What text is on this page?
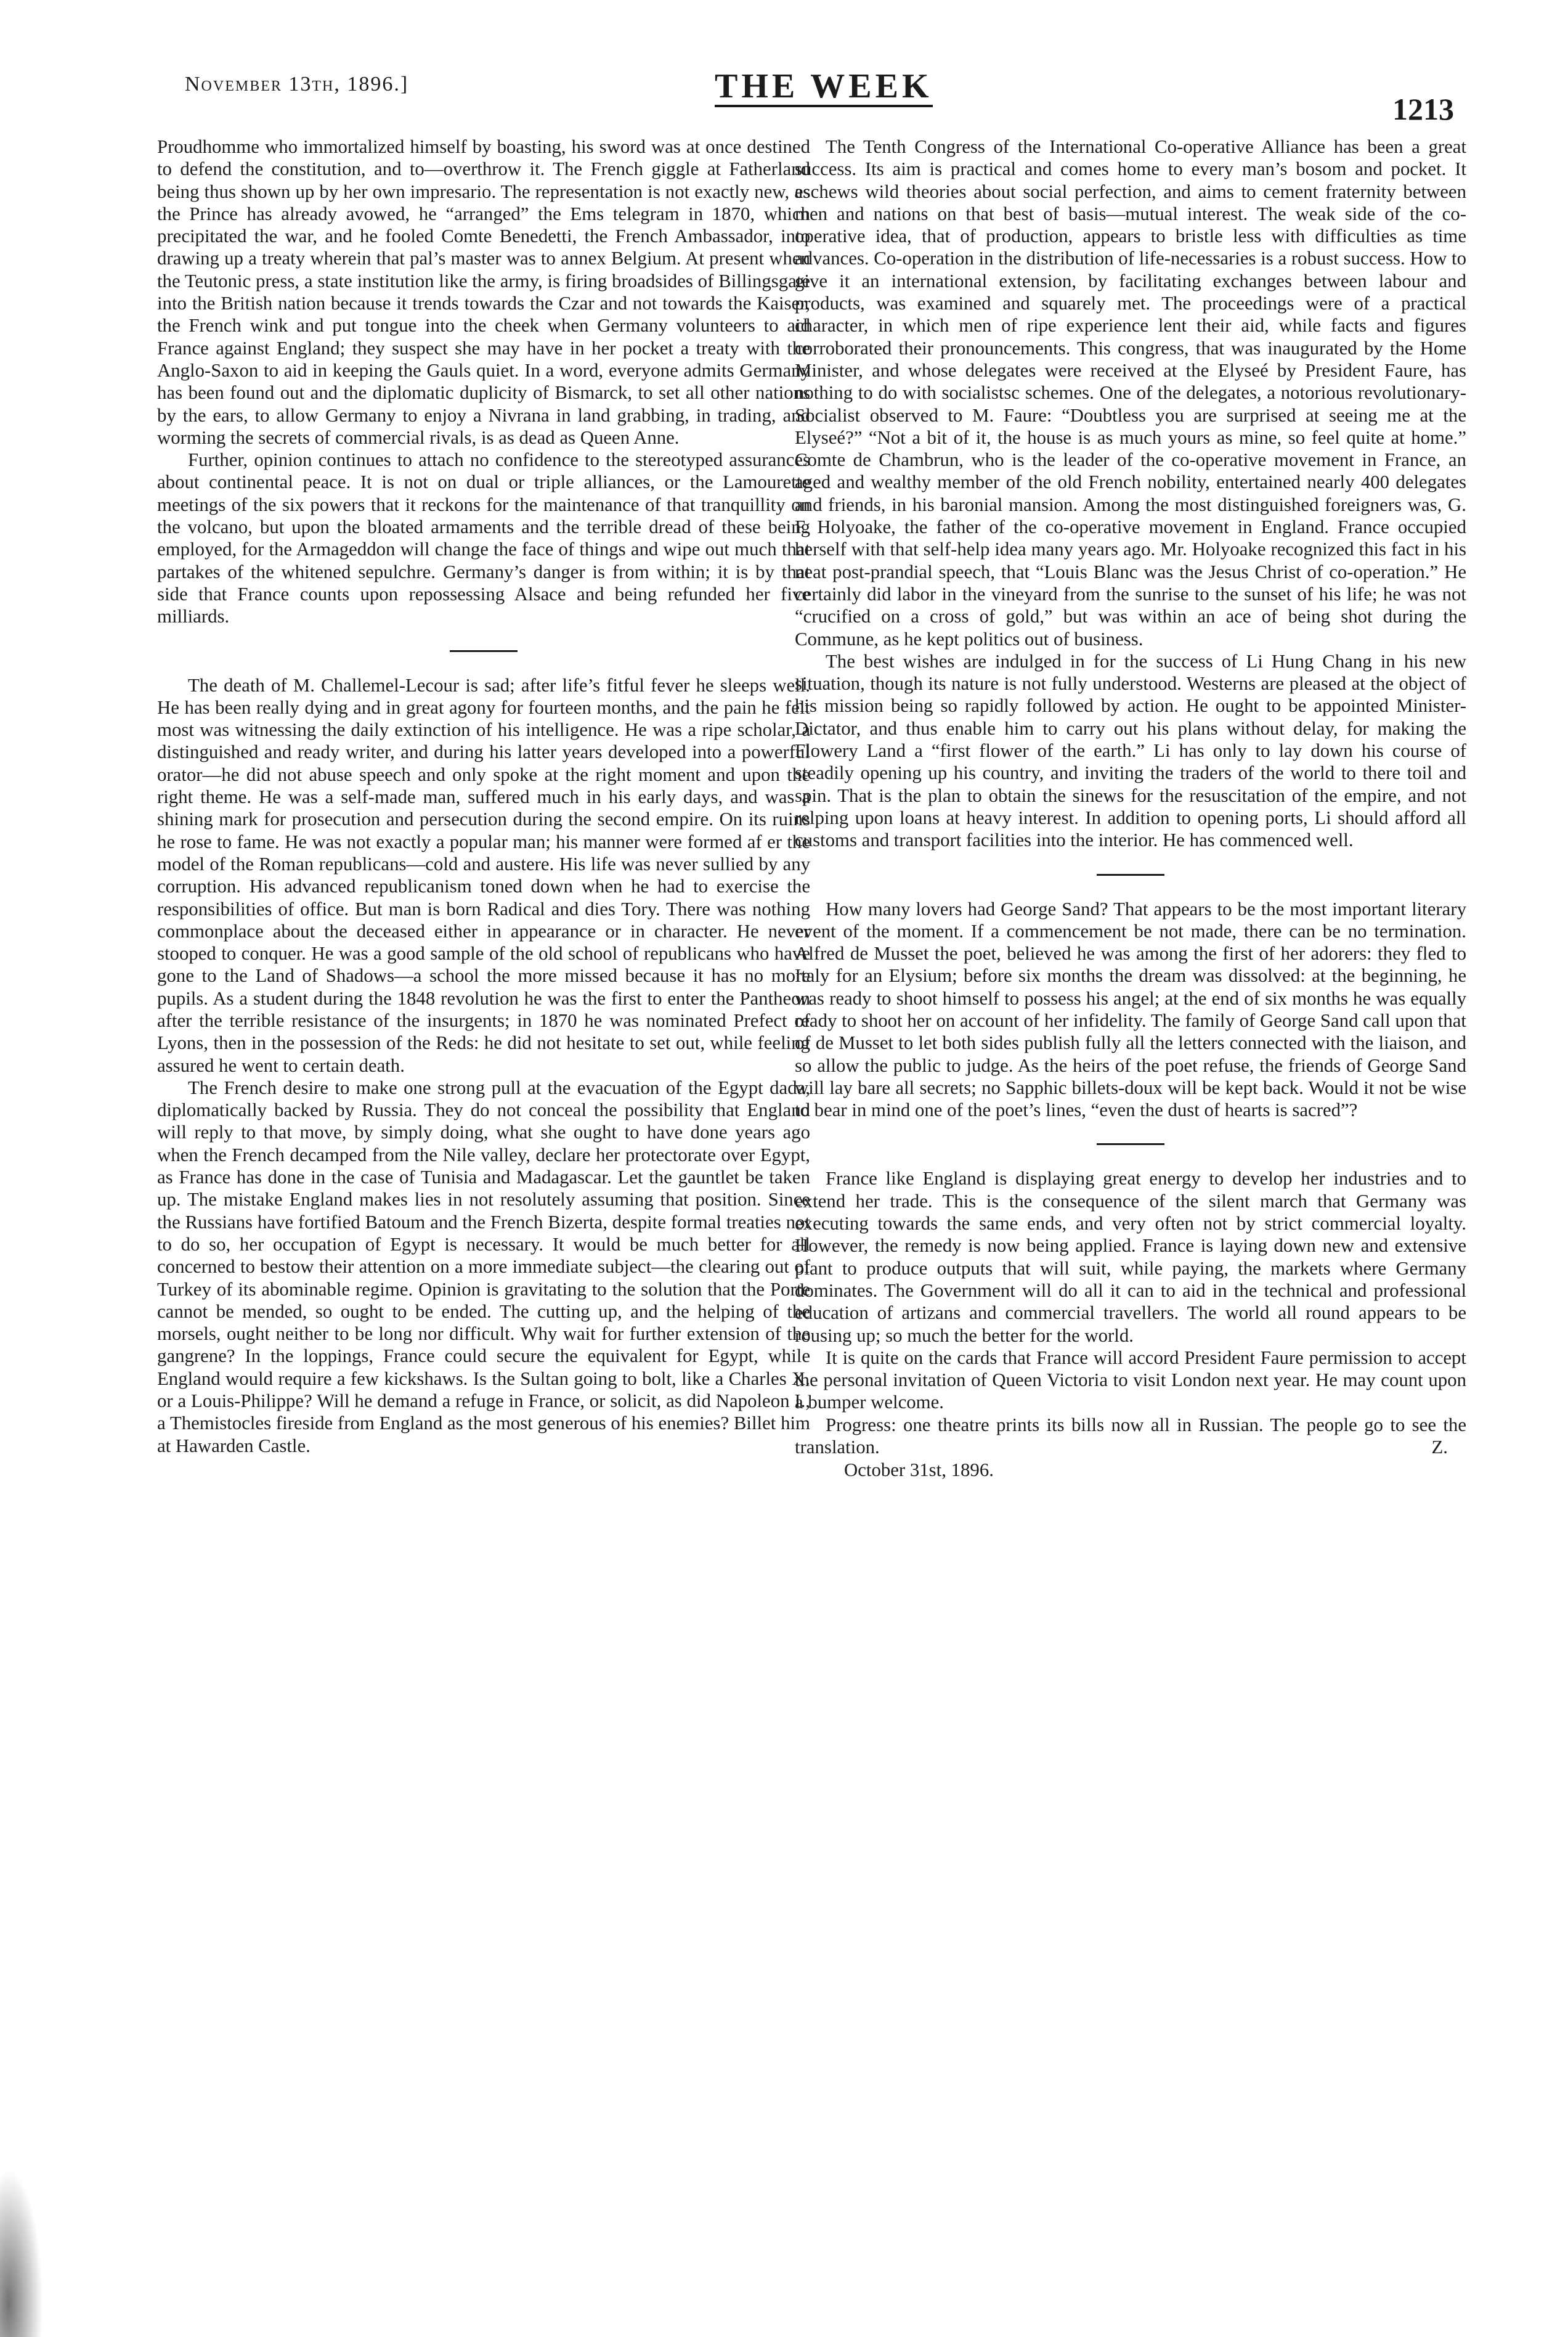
November 13th, 1896.]	THE WEEK
1213

Proudhomme who immortalized himself by boasting, his sword was at once destined to defend the constitution, and to—overthrow it. The French giggle at Fatherland being thus shown up by her own impresario. The representation is not exactly new, as the Prince has already avowed, he “arranged” the Ems telegram in 1870, which precipitated the war, and he fooled Comte Benedetti, the French Ambassador, into drawing up a treaty wherein that pal’s master was to annex Belgium. At present when the Teutonic press, a state institution like the army, is firing broadsides of Billingsgate into the British nation because it trends towards the Czar and not towards the Kaiser, the French wink and put tongue into the cheek when Germany volunteers to aid France against England; they suspect she may have in her pocket a treaty with the Anglo-Saxon to aid in keeping the Gauls quiet. In a word, everyone admits Germany has been found out and the diplomatic duplicity of Bismarck, to set all other nations by the ears, to allow Germany to enjoy a Nivrana in land grabbing, in trading, and worming the secrets of commercial rivals, is as dead as Queen Anne.

Further, opinion continues to attach no confidence to the stereotyped assurances about continental peace. It is not on dual or triple alliances, or the Lamourette meetings of the six powers that it reckons for the maintenance of that tranquillity on the volcano, but upon the bloated armaments and the terrible dread of these being employed, for the Armageddon will change the face of things and wipe out much that partakes of the whitened sepulchre. Germany’s danger is from within; it is by that side that France counts upon repossessing Alsace and being refunded her five milliards.

The death of M. Challemel-Lecour is sad; after life’s fitful fever he sleeps well. He has been really dying and in great agony for fourteen months, and the pain he felt most was witnessing the daily extinction of his intelligence. He was a ripe scholar, a distinguished and ready writer, and during his latter years developed into a powerful orator—he did not abuse speech and only spoke at the right moment and upon the right theme. He was a self-made man, suffered much in his early days, and was a shining mark for prosecution and persecution during the second empire. On its ruins he rose to fame. He was not exactly a popular man; his manner were formed af er the model of the Roman republicans—cold and austere. His life was never sullied by any corruption. His advanced republicanism toned down when he had to exercise the responsibilities of office. But man is born Radical and dies Tory. There was nothing commonplace about the deceased either in appearance or in character. He never stooped to conquer. He was a good sample of the old school of republicans who have gone to the Land of Shadows—a school the more missed because it has no more pupils. As a student during the 1848 revolution he was the first to enter the Pantheon after the terrible resistance of the insurgents; in 1870 he was nominated Prefect of Lyons, then in the possession of the Reds: he did not hesitate to set out, while feeling assured he went to certain death.

The French desire to make one strong pull at the evacuation of the Egypt dada, diplomatically backed by Russia. They do not conceal the possibility that England will reply to that move, by simply doing, what she ought to have done years ago when the French decamped from the Nile valley, declare her protectorate over Egypt, as France has done in the case of Tunisia and Madagascar. Let the gauntlet be taken up. The mistake England makes lies in not resolutely assuming that position. Since the Russians have fortified Batoum and the French Bizerta, despite formal treaties not to do so, her occupation of Egypt is necessary. It would be much better for all concerned to bestow their attention on a more immediate subject—the clearing out of Turkey of its abominable regime. Opinion is gravitating to the solution that the Porte cannot be mended, so ought to be ended. The cutting up, and the helping of the morsels, ought neither to be long nor difficult. Why wait for further extension of the gangrene? In the loppings, France could secure the equivalent for Egypt, while England would require a few kickshaws. Is the Sultan going to bolt, like a Charles X. or a Louis-Philippe? Will he demand a refuge in France, or solicit, as did Napoleon I., a Themistocles fireside from England as the most generous of his enemies? Billet him at Hawarden Castle.

The Tenth Congress of the International Co-operative Alliance has been a great success. Its aim is practical and comes home to every man’s bosom and pocket. It eschews wild theories about social perfection, and aims to cement fraternity between men and nations on that best of basis—mutual interest. The weak side of the co-operative idea, that of production, appears to bristle less with difficulties as time advances. Co-operation in the distribution of life-necessaries is a robust success. How to give it an international extension, by facilitating exchanges between labour and products, was examined and squarely met. The proceedings were of a practical character, in which men of ripe experience lent their aid, while facts and figures corroborated their pronouncements. This congress, that was inaugurated by the Home Minister, and whose delegates were received at the Elyseé by President Faure, has nothing to do with socialistsc schemes. One of the delegates, a notorious revolutionary-Socialist observed to M. Faure: “Doubtless you are surprised at seeing me at the Elyseé?” “Not a bit of it, the house is as much yours as mine, so feel quite at home.” Comte de Chambrun, who is the leader of the co-operative movement in France, an aged and wealthy member of the old French nobility, entertained nearly 400 delegates and friends, in his baronial mansion. Among the most distinguished foreigners was, G. F. Holyoake, the father of the co-operative movement in England. France occupied herself with that self-help idea many years ago. Mr. Holyoake recognized this fact in his neat post-prandial speech, that “Louis Blanc was the Jesus Christ of co-operation.” He certainly did labor in the vineyard from the sunrise to the sunset of his life; he was not “crucified on a cross of gold,” but was within an ace of being shot during the Commune, as he kept politics out of business.

The best wishes are indulged in for the success of Li Hung Chang in his new situation, though its nature is not fully understood. Westerns are pleased at the object of his mission being so rapidly followed by action. He ought to be appointed Minister-Dictator, and thus enable him to carry out his plans without delay, for making the Flowery Land a “first flower of the earth.” Li has only to lay down his course of steadily opening up his country, and inviting the traders of the world to there toil and spin. That is the plan to obtain the sinews for the resuscitation of the empire, and not relping upon loans at heavy interest. In addition to opening ports, Li should afford all customs and transport facilities into the interior. He has commenced well.

How many lovers had George Sand? That appears to be the most important literary event of the moment. If a commencement be not made, there can be no termination. Alfred de Musset the poet, believed he was among the first of her adorers: they fled to Italy for an Elysium; before six months the dream was dissolved: at the beginning, he was ready to shoot himself to possess his angel; at the end of six months he was equally ready to shoot her on account of her infidelity. The family of George Sand call upon that of de Musset to let both sides publish fully all the letters connected with the liaison, and so allow the public to judge. As the heirs of the poet refuse, the friends of George Sand will lay bare all secrets; no Sapphic billets-doux will be kept back. Would it not be wise to bear in mind one of the poet’s lines, “even the dust of hearts is sacred”?

France like England is displaying great energy to develop her industries and to extend her trade. This is the consequence of the silent march that Germany was executing towards the same ends, and very often not by strict commercial loyalty. However, the remedy is now being applied. France is laying down new and extensive plant to produce outputs that will suit, while paying, the markets where Germany dominates. The Government will do all it can to aid in the technical and professional education of artizans and commercial travellers. The world all round appears to be rousing up; so much the better for the world.

It is quite on the cards that France will accord President Faure permission to accept the personal invitation of Queen Victoria to visit London next year. He may count upon a bumper welcome.

Progress: one theatre prints its bills now all in Russian. The people go to see the translation.	Z.

October 31st, 1896.
